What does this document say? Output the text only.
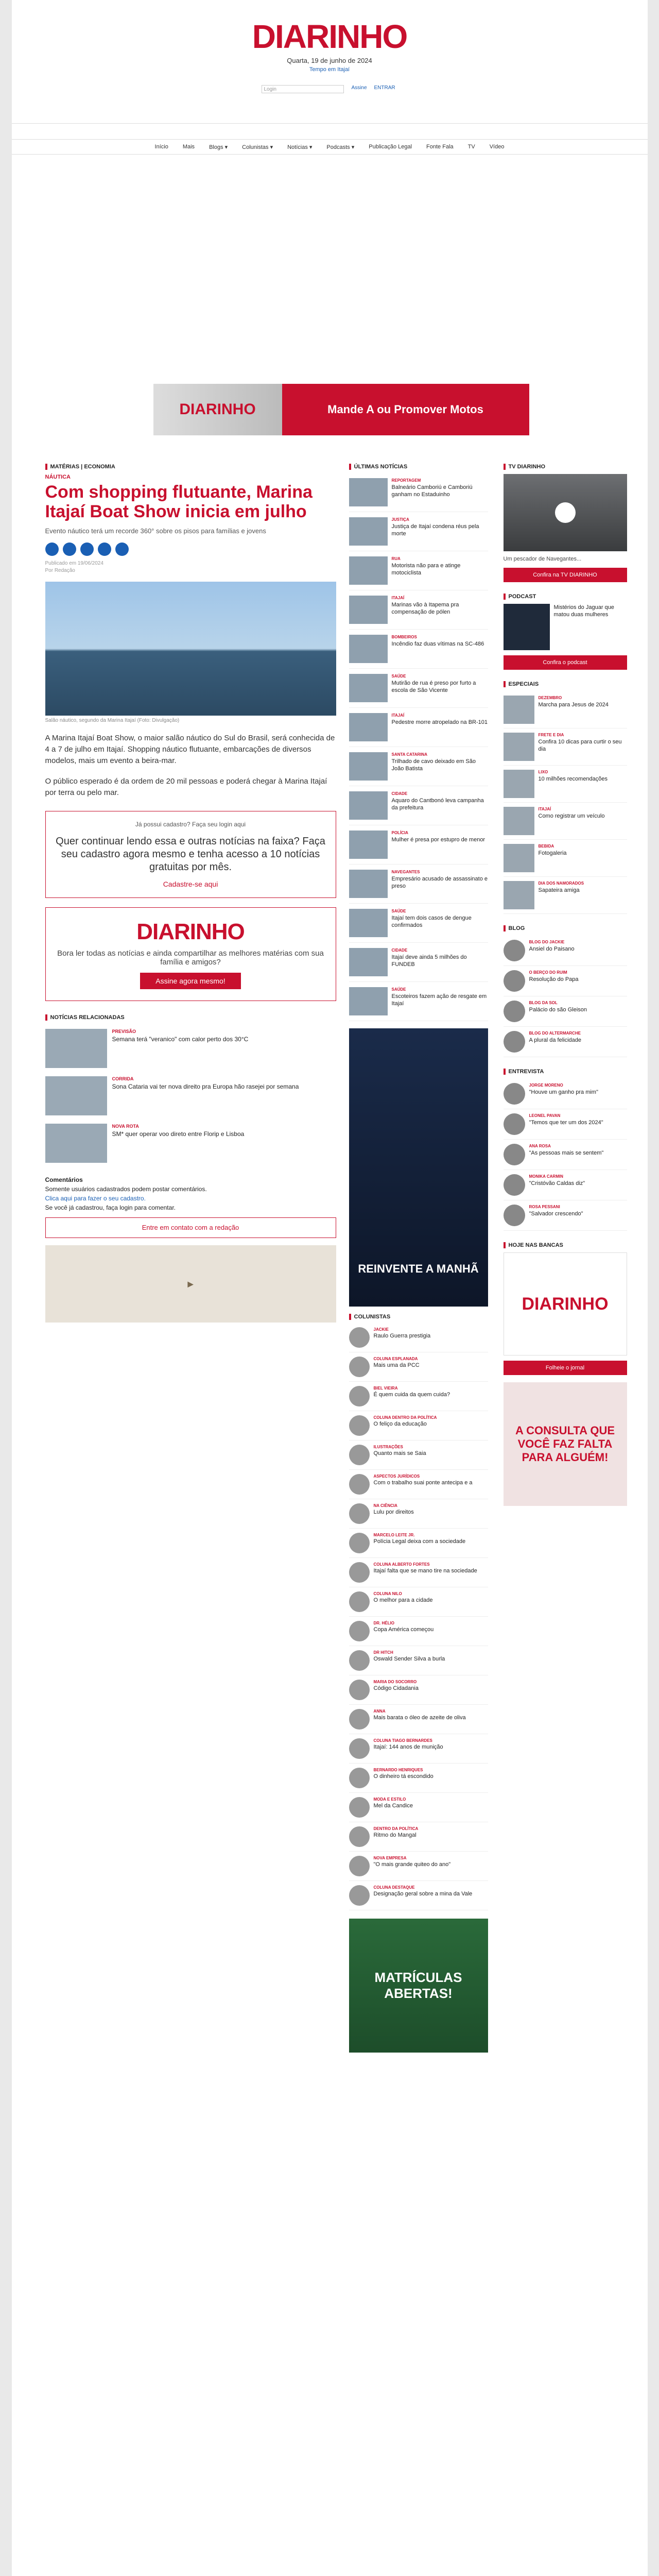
DIARINHO
Quarta, 19 de junho de 2024
Tempo em Itajaí
Login	Assine ENTRAR
Início	Mais	Blogs ▾	Colunistas ▾	Notícias ▾	Podcasts ▾	Publicação Legal	Fonte Fala	TV	Vídeo
DIARINHO	Mande A ou Promover Motos
MATÉRIAS | ECONOMIA
NÁUTICA
Com shopping flutuante, Marina Itajaí Boat Show inicia em julho
Evento náutico terá um recorde 360° sobre os pisos para famílias e jovens
Publicado em 19/06/2024
Por Redação
Salão náutico, segundo da Marina Itajaí (Foto: Divulgação)

A Marina Itajaí Boat Show, o maior salão náutico do Sul do Brasil, será conhecida de 4 a 7 de julho em Itajaí. Shopping náutico flutuante, embarcações de diversos modelos, mais um evento a beira-mar.

O público esperado é da ordem de 20 mil pessoas e poderá chegar à Marina Itajaí por terra ou pelo mar.

Já possui cadastro? Faça seu login aqui
Quer continuar lendo essa e outras notícias na faixa? Faça seu cadastro agora mesmo e tenha acesso a 10 notícias gratuitas por mês.
Cadastre-se aqui
DIARINHO

Bora ler todas as notícias e ainda compartilhar as melhores matérias com sua família e amigos?

Assine agora mesmo!
NOTÍCIAS RELACIONADAS
PREVISÃO
Semana terá "veranico" com calor perto dos 30°C
CORRIDA
Sona Cataria vai ter nova direito pra Europa hão rasejei por semana
NOVA ROTA
SM* quer operar voo direto entre Florip e Lisboa
Comentários
Somente usuários cadastrados podem postar comentários.
Clica aqui para fazer o seu cadastro.
Se você já cadastrou, faça login para comentar.
Entre em contato com a redação
▶
ÚLTIMAS NOTÍCIAS
REPORTAGEM
Balneário Camboriú e Camboriú ganham no Estaduinho
JUSTIÇA
Justiça de Itajaí condena réus pela morte
RUA
Motorista não para e atinge motociclista
ITAJAÍ
Marinas vão à Itapema pra compensação de pólen
BOMBEIROS
Incêndio faz duas vítimas na SC-486
SAÚDE
Mutirão de rua é preso por furto a escola de São Vicente
ITAJAÍ
Pedestre morre atropelado na BR-101
SANTA CATARINA
Trilhado de cavo deixado em São João Batista
CIDADE
Aquaro do Cantbonó leva campanha da prefeitura
POLÍCIA
Mulher é presa por estupro de menor
NAVEGANTES
Empresário acusado de assassinato e preso
SAÚDE
Itajaí tem dois casos de dengue confirmados
CIDADE
Itajaí deve ainda 5 milhões do FUNDEB
SAÚDE
Escoteiros fazem ação de resgate em Itajaí
REINVENTE A MANHÃ
COLUNISTAS
JACKIE
Raulo Guerra prestigia
COLUNA ESPLANADA
Mais uma da PCC
BIEL VIEIRA
É quem cuida da quem cuida?
COLUNA DENTRO DA POLÍTICA
O feliço da educação
ILUSTRAÇÕES
Quanto mais se Saia
ASPECTOS JURÍDICOS
Com o trabalho suai ponte antecipa e a
NA CIÊNCIA
Lulu por direitos
MARCELO LEITE JR.
Polícia Legal deixa com a sociedade
COLUNA ALBERTO FORTES
Itajaí falta que se mano tire na sociedade
COLUNA NILO
O melhor para a cidade
DR. HÉLIO
Copa América começou
DR HITCH
Oswald Sender Silva a burla
MARIA DO SOCORRO
Código Cidadania
ANNA
Mais barata o óleo de azeite de oliva
COLUNA TIAGO BERNARDES
Itajaí: 144 anos de munição
BERNARDO HENRIQUES
O dinheiro tá escondido
MODA E ESTILO
Mel da Candice
DENTRO DA POLÍTICA
Ritmo do Mangal
NOVA EMPRESA
"O mais grande quiteo do ano"
COLUNA DESTAQUE
Designação geral sobre a mina da Vale
MATRÍCULAS ABERTAS!
TV DIARINHO
Um pescador de Navegantes...
Confira na TV DIARINHO
PODCAST
Mistérios do Jaguar que matou duas mulheres
Confira o podcast
ESPECIAIS
DEZEMBRO
Marcha para Jesus de 2024
FRETE E DIA
Confira 10 dicas para curtir o seu dia
LIXO
10 milhões recomendações
ITAJAÍ
Como registrar um veículo
BEBIDA
Fotogaleria
DIA DOS NAMORADOS
Sapateira amiga
BLOG
BLOG DO JACKIE
Ansiel do Paisano
O BERÇO DO RUIM
Resolução do Papa
BLOG DA SOL
Palácio do são Gleison
BLOG DO ALTERMARCHE
A plural da felicidade
ENTREVISTA
JORGE MORENO
"Houve um ganho pra mim"
LEONEL PAVAN
"Temos que ter um dos 2024"
ANA ROSA
"As pessoas mais se sentem"
MONIKA CARMIN
"Cristóvão Caldas diz"
ROSA PESSANI
"Salvador crescendo"
HOJE NAS BANCAS
DIARINHO
Folheie o jornal
A CONSULTA QUE VOCÊ FAZ FALTA PARA ALGUÉM!
